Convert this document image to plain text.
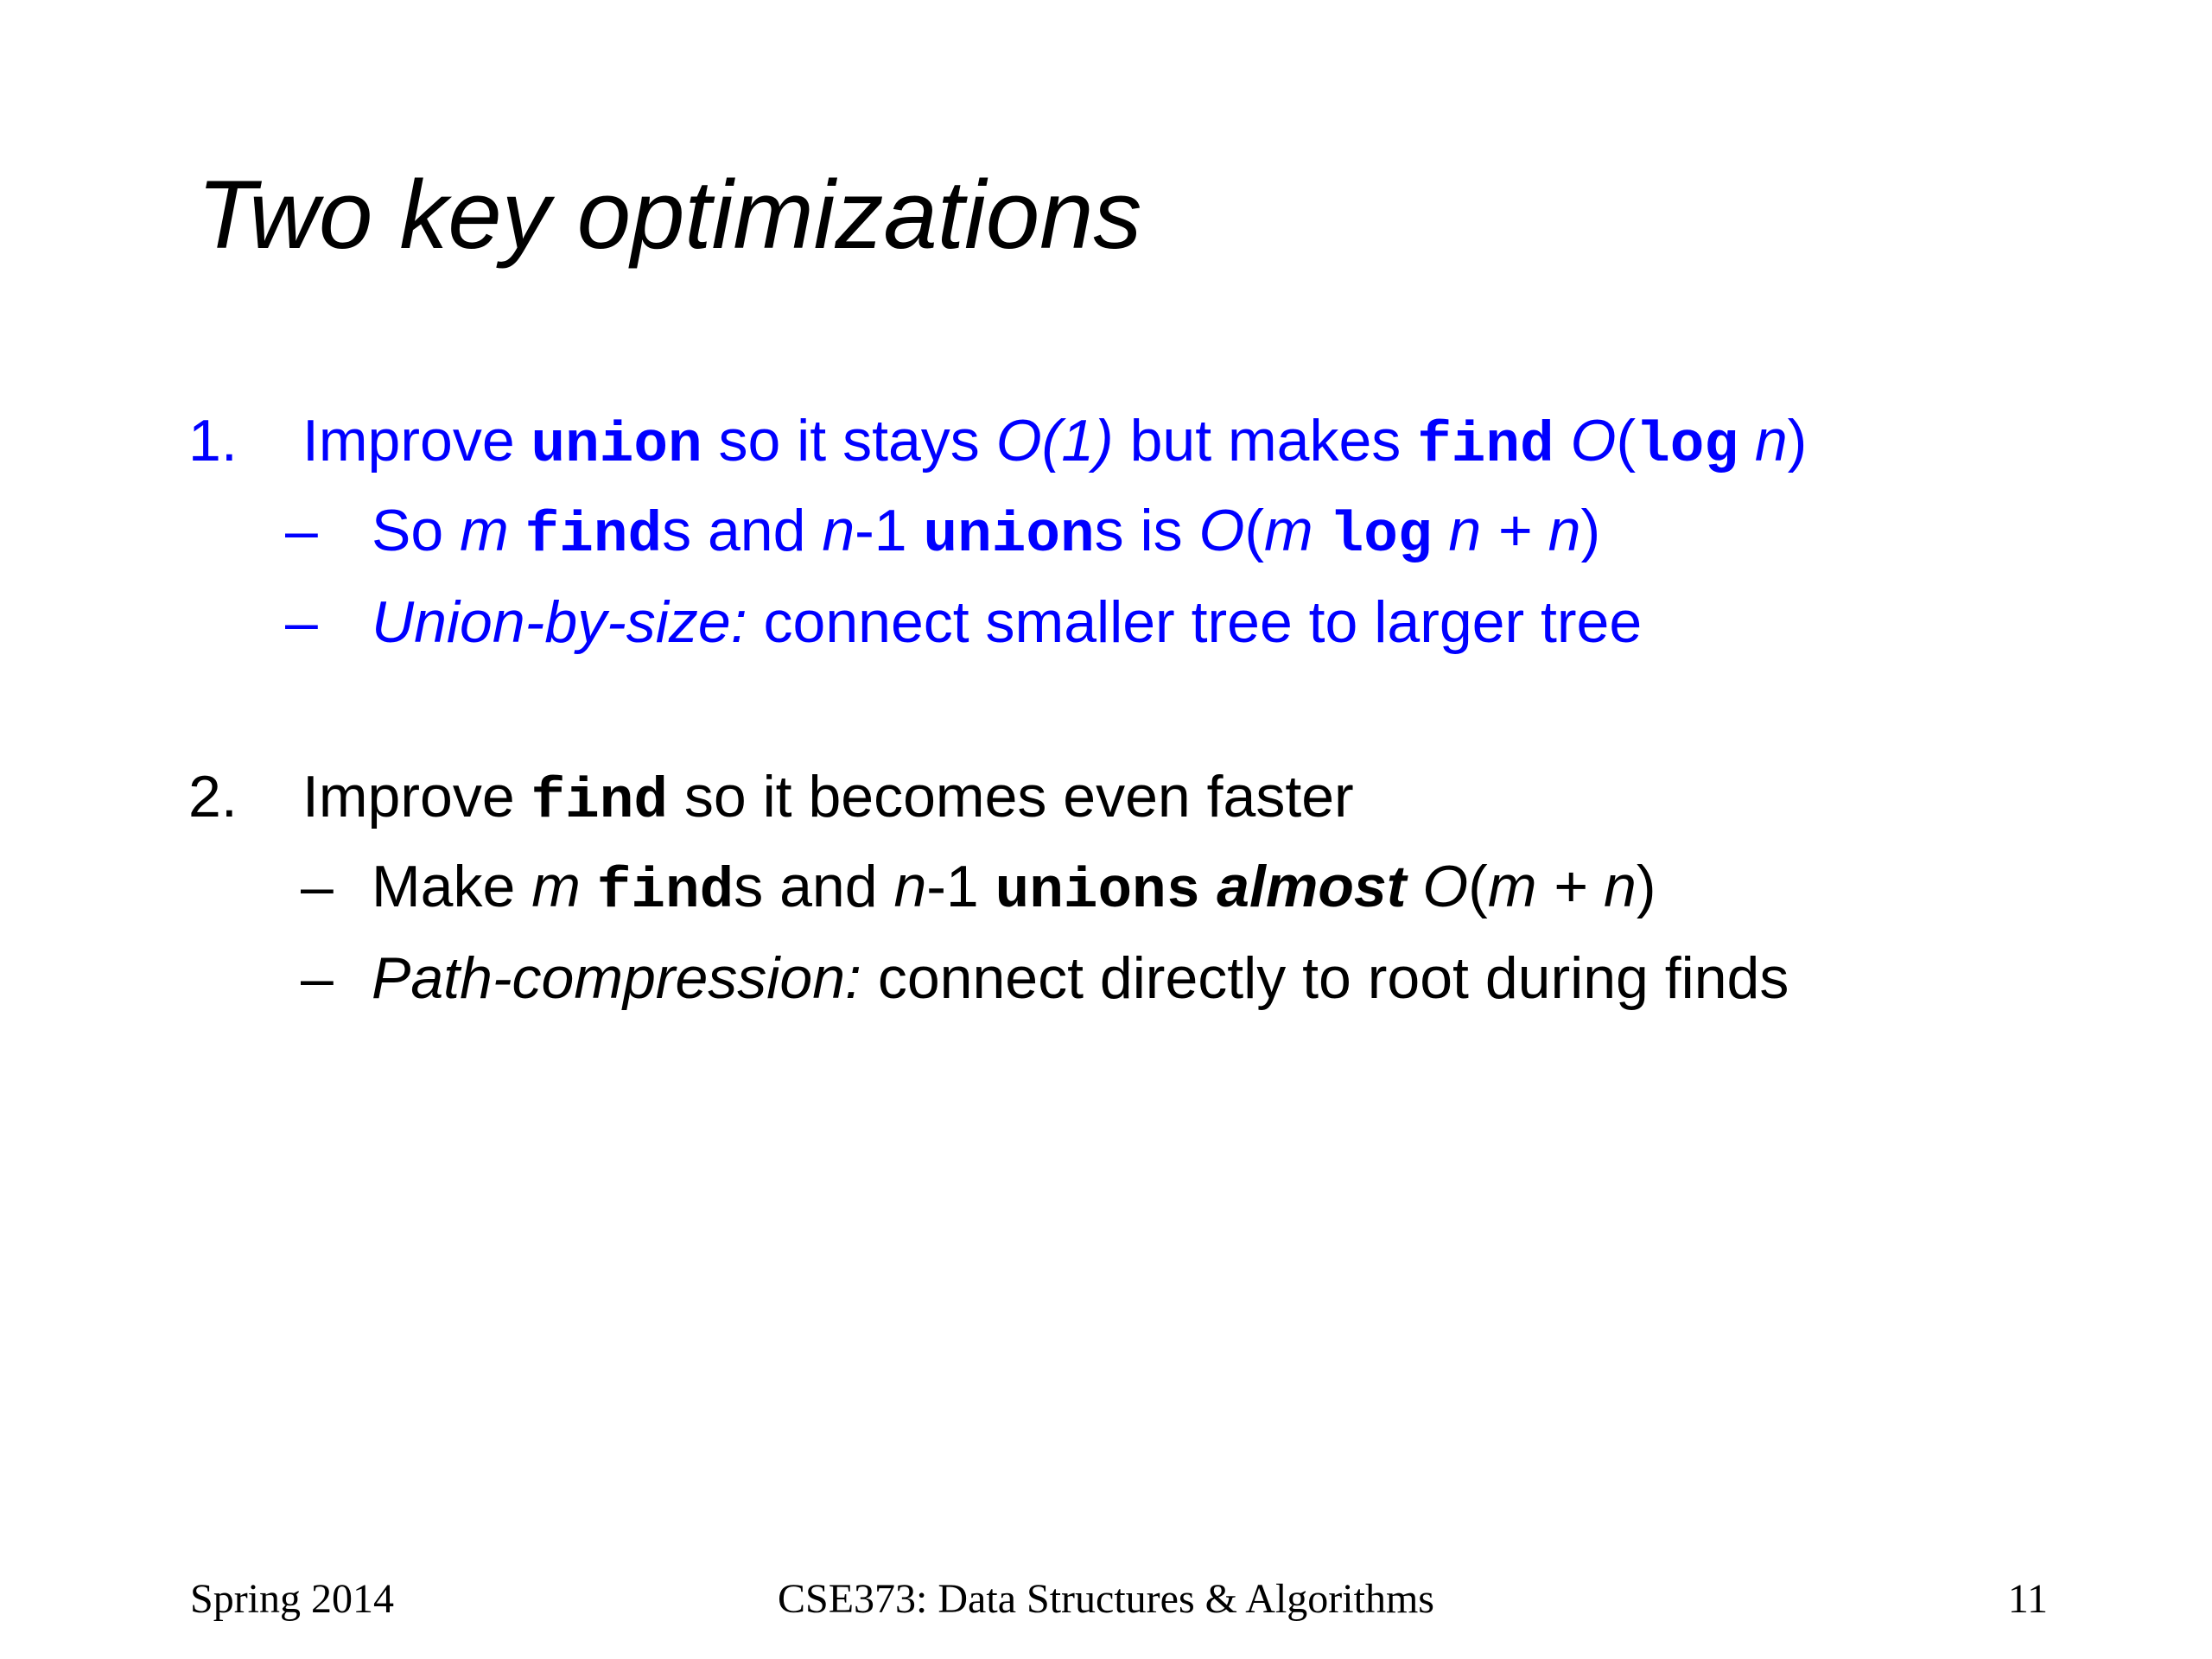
Two key optimizations
1. Improve union so it stays O(1) but makes find O(log n)
– So m finds and n-1 unions is O(m log n + n)
– Union-by-size: connect smaller tree to larger tree
2. Improve find so it becomes even faster
– Make m finds and n-1 unions almost O(m + n)
– Path-compression: connect directly to root during finds
Spring 2014	CSE373: Data Structures & Algorithms	11
